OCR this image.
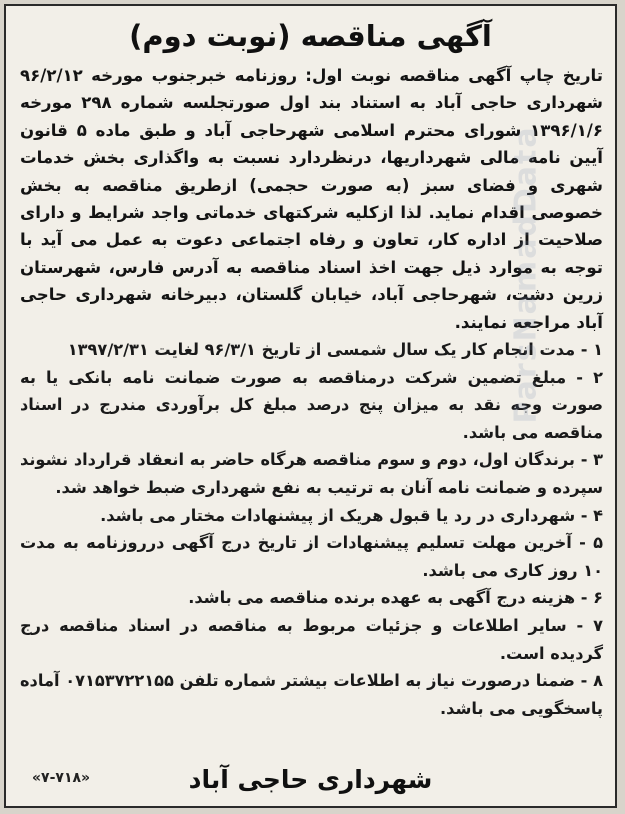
ParsNamadData
آگهی مناقصه (نوبت دوم)

تاریخ چاپ آگهی مناقصه نوبت اول: روزنامه خبرجنوب مورخه ۹۶/۲/۱۲ شهرداری حاجی آباد به استناد بند اول صورتجلسه شماره ۲۹۸ مورخه ۱۳۹۶/۱/۶ شورای محترم اسلامی شهرحاجی آباد و طبق ماده ۵ قانون آیین نامه مالی شهرداریها، درنظردارد نسبت به واگذاری بخش خدمات شهری و فضای سبز (به صورت حجمی) ازطریق مناقصه به بخش خصوصی اقدام نماید. لذا ازکلیه شرکتهای خدماتی واجد شرایط و دارای صلاحیت از اداره کار، تعاون و رفاه اجتماعی دعوت به عمل می آید با توجه به موارد ذیل جهت اخذ اسناد مناقصه به آدرس فارس، شهرستان زرین دشت، شهرحاجی آباد، خیابان گلستان، دبیرخانه شهرداری حاجی آباد مراجعه نمایند.

۱ - مدت انجام کار یک سال شمسی از تاریخ ۹۶/۳/۱ لغایت ۱۳۹۷/۲/۳۱
۲ - مبلغ تضمین شرکت درمناقصه به صورت ضمانت نامه بانکی یا به صورت وجه نقد به میزان پنج درصد مبلغ کل برآوردی مندرج در اسناد مناقصه می باشد.
۳ - برندگان اول، دوم و سوم مناقصه هرگاه حاضر به انعقاد قرارداد نشوند سپرده و ضمانت نامه آنان به ترتیب به نفع شهرداری ضبط خواهد شد.
۴ - شهرداری در رد یا قبول هریک از پیشنهادات مختار می باشد.
۵ - آخرین مهلت تسلیم پیشنهادات از تاریخ درج آگهی درروزنامه به مدت ۱۰ روز کاری می باشد.
۶ - هزینه درج آگهی به عهده برنده مناقصه می باشد.
۷ - سایر اطلاعات و جزئیات مربوط به مناقصه در اسناد مناقصه درج گردیده است.
۸ - ضمنا درصورت نیاز به اطلاعات بیشتر شماره تلفن ۰۷۱۵۳۷۲۲۱۵۵ آماده پاسخگویی می باشد.
شهرداری حاجی آباد
«۷-۷۱۸»
